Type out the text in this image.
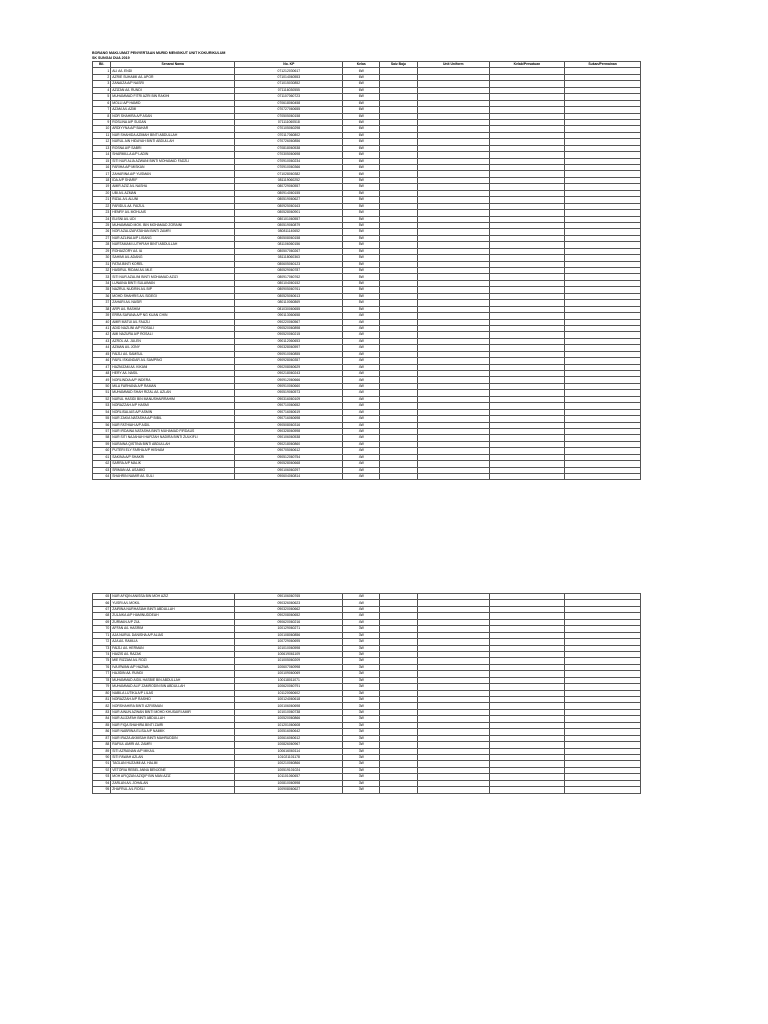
BORANG MAKLUMAT PENYERTAAN MURID MENGIKUT UNIT KOKURIKULUM
SK SUNGAI DUA 2019
Bil.	Senarai Nama	No. KP	Kelas	Saiz Baju	Unit Uniform	Kelab/Persatuan	Sukan/Permainan
1	ALI A/L ENDI	071212030617	6W				
2	AZRIE SUHAIMI A/L APOR	071014060553	6W				
3	ZANAIZA A/P NASRI	071015030852	6W				
4	AZIZAN A/L RUNDI	071116030555	6W				
5	MUHAMMAD FITRI AZRI BIN RAKIHI	071107060723	6W				
6	MOLLI A/P HAMID	070618060458	6W				
7	AZAM A/L AZMI	070727060655	6W				
8	NOR SHAHIRA A/P ASAN	070505060158	6W				
9	ROSLINA A/P SUGAN	071111060518	6W				
10	ARDIYYNA A/P BAHAR	070105060298	6W				
11	NUR SHAHIDA AZIMAH BINTI ABDULLAH	070117060802	6W				
12	NURUL AIN HIDAYAH BINTI ABDULLAH	070726060856	6W				
13	ROSNA A/P SABRI	070818060538	6W				
14	SHARMILLA A/P LADIN	070305060698	6W				
15	SITI NUR ALIA AZWANI BINTI MOHAMAD FADZLI	070910060234	6W				
16	FARIHA A/P MISKAN	070910060366	6W				
17	ZAHARINA A/P YUSMAN	071028060382	6W				
18	IDA A/P SHARIF	081119060252	5W				
19	AMIR AZIZ A/L NASHA	080729060557	5W				
20	UBI A/L AZMAN	080914060155	5W				
21	RIZAL A/L ALUNI	080519060627	5W				
22	FARIDUL A/L FAIZUL	080925060163	5W				
23	HENRY A/L MOHLAIS	080528060901	5W				
24	ELISNI A/L UDI	080101060557	5W				
25	MUHAMMAD MOK. BIN MOHAMAD ZORAINI	080519060879	5W				
26	NOR AZALIZAFATAHAN BINTI ZAMRI	080811140652	5W				
27	NUR AZLINA A/P LISANG	080508060158	5W				
28	NURTAMAM LUTHFIAH BINTI ABDULLAH	081106060156	5W				
29	ROHAIZORY A/L IA	080507060267	5W				
30	SAHIMI A/L ADANG	081118060363	5W				
31	FATIA BINTI KOREL	080605060123	5W				
32	HASIRUL RIDAM A/L MLE	080529060787	5W				
33	SITI NUR AZALINI BINTI MOHAMAD AZIZI	080917060762	5W				
34	LUNAINA BINTI SULAIMAN	080104060152	5W				
35	NAZRUL NUDRIN A/L BIP	080905060761	5W				
36	MOHD SHAHRIS A/L SIDEGI	080525060613	5W				
37	ZAHARI A/L NASIR	080110060869	5W				
38	ARPI A/L RASHIM	081030060655	5W				
39	ERRA SAFANA A/P NG KUAN CHIN	090113060658	4W				
40	AMIR MATUI A/L FAUZLI	090220060567	4W				
41	ADID NAZLINI A/P ROSALI	090520060898	4W				
42	AMI NAZURA A/P ROSALI	090520060215	4W				
43	AZROL A/L JULEN	090112060653	4W				
44	AZMAN A/L JONY	090328060597	4W				
45	FAIZLI A/L SAMSUL	090910060855	4W				
46	FAIRL ISKANDAR A/L SAMPING	090928060357	4W				
47	HAZNIZAM A/L KIKANI	090208060629	4W				
48	HERY A/L NASIL	090218060243	4W				
49	NORLINDIA A/P INDERA	090912060666	4W				
50	MILA FARHANA A/P RAMAN	090910060660	4W				
51	MUHAMMAD SHAH RIZAL A/L AZLAN	090519060573	4W				
52	NURUL HASIDI BIN MANUSHAIRRAHIM	090316060109	4W				
53	NORAZZAH A/P HASMI	090710060652	4W				
54	NORLISALIAS A/P ASMIN	090716060619	4W				
55	NUR ZAKIA NATASHA A/P BIBIL	090716060698	4W				
56	NUR FATHIAH A/P AIDIL	090508060316	4W				
57	NUR IRDAINA NATASHA BINTI MUHAMAD FIRDAUS	090328060598	4W				
58	NUR SITI NAJAHAH HAFIZAH NADIRA BINTI ZULKIFLI	090106060538	4W				
59	NURAINA QISTINA BINTI ABDULLAH	090218060860	4W				
60	PUTERI ELY FARHA A/P HISHAM	090705060612	4W				
61	SAKINA A/P SHAKRI	090512060754	4W				
62	SARRA A/P MALIK	090528060668	4W				
63	SRIMAN A/L ASAIMO	090106060297	4W				
64	SHAHRIN NAMIR A/L SULI	090604060814	4W				
65	NUR AFIQIN ANISSA BIN MOH AZIZ	090106060765	4W				
66	YUSRI A/L MOKIL	090326060623	4W				
67	ZAIRINA NURHASIAH BINTI ABDULLAH	090320060662	4W				
68	ZULAIKA A/P HAMINUDDEAH	090208060652	4W				
69	ZURMAN A/P ZUL	090620060216	4W				
70	AFFAN A/L HASRIM	100129060271	3W				
71	AJA NURUL DANISHA A/P ALIAS	100108060856	3W				
72	AJA A/L RAMLIA	100729060695	3W				
73	FAIZLI A/L HERMAN	101010060598	3W				
74	HAIZIS A/L RAZAK	100619061109	3W				
75	MIE RIZZAM A/L ROZI	101005060209	3W				
76	IVA IRWAN A/P HAZWA	100607060998	3W				
77	HAJIDIN A/L RUNDI	100109060069	3W				
78	MUHAMMAD AIDIL HASBIE BIN ABDULLAH	100118011071	3W				
79	MUHAMMAD ALIF ZAMRODIN BIN ABDULLAH	100620060791	3W				
80	NABILA LUTIKA A/P LILAS	101120060602	3W				
81	NORAZZAH A/P RASHID	100124060618	3W				
82	NORSHAHIRA BINTI AZRISMAN	100106060698	3W				
83	NUR AINUN AZWAN BINTI MOHD KHUSAIRI AMIR	101010060738	3W				
84	NUR ALIZAFAH BINTI ABDULLAH	100520060866	3W				
85	NUR FIQA SHAHIRA BINTI ZAIRI	101201060608	3W				
86	NUR NABRINA ELISA A/P NAIMIK	100516060642	3W				
87	NUR IRAZA AKMISAH BINTI MAHRUDDIN	100616060612	3W				
88	RAFIUL AMIRI A/L ZAMRI	100826060967	3W				
89	SITI AZRAINAN A/P MIKAIL	100616060114	3W				
90	SITI FAWAH AZLAN	101021101178	3W				
91	TAGLAN HUZAIMI A/L HALIM	100210060866	3W				
92	VETORIA REBEL ANNA BENJONE	100519101024	3W				
93	MOH AFIQZAN AZIQIP BIN MAN AZIZ	101101060657	3W				
94	ZARLAN A/L JOHALAN	100810060598	3W				
95	ZHAFRUL A/L ROSLI	100908060627	3W				
